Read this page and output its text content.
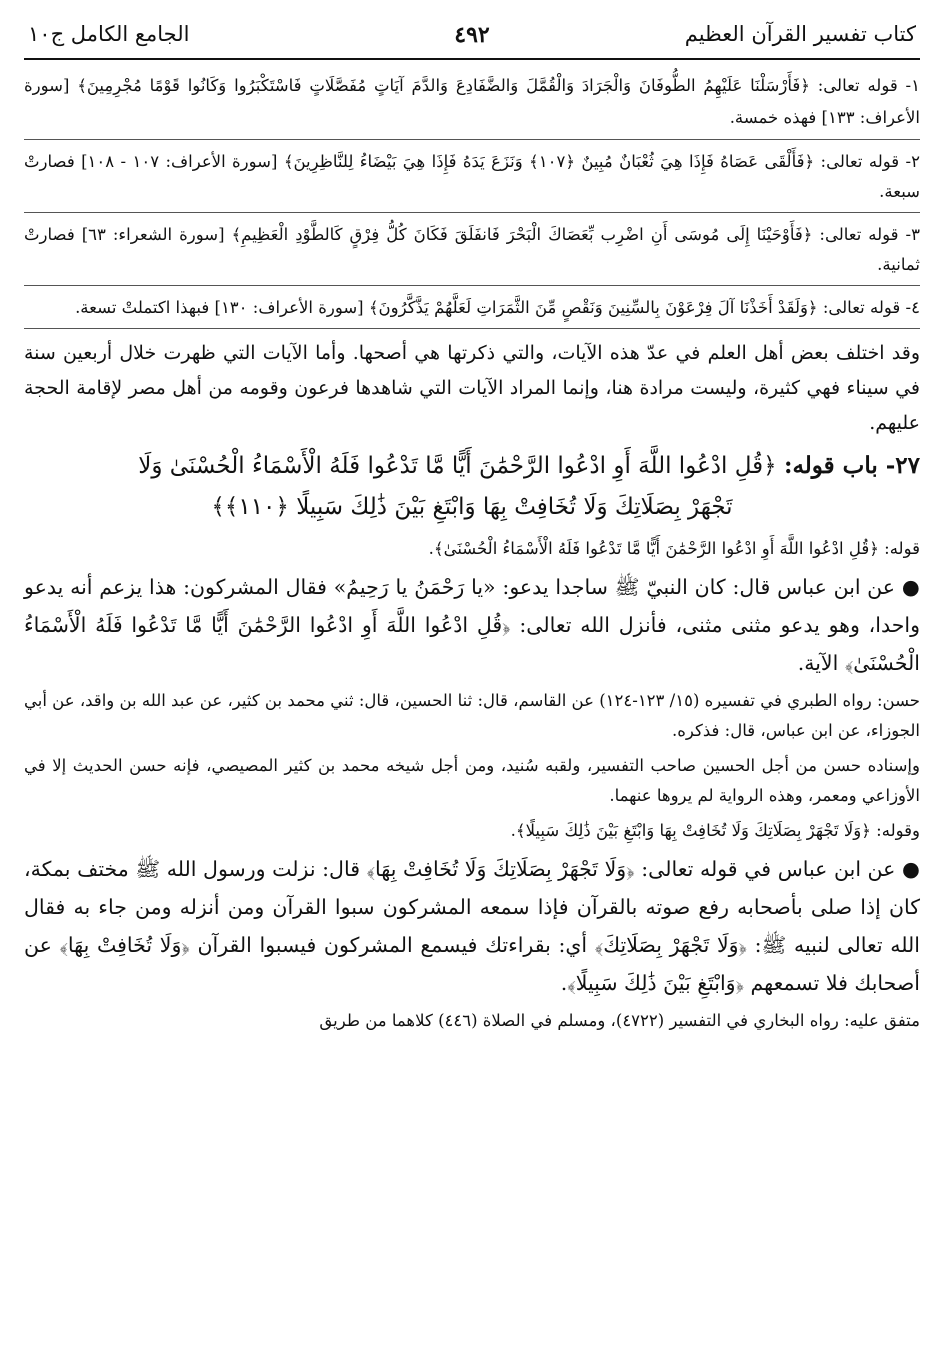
كتاب تفسير القرآن العظيم
٤٩٢
الجامع الكامل ج١٠

١- قوله تعالى: ﴿فَأَرْسَلْنَا عَلَيْهِمُ الطُّوفَانَ وَالْجَرَادَ وَالْقُمَّلَ وَالضَّفَادِعَ وَالدَّمَ آيَاتٍ مُفَصَّلَاتٍ فَاسْتَكْبَرُوا وَكَانُوا قَوْمًا مُجْرِمِينَ﴾ [سورة الأعراف: ١٣٣] فهذه خمسة.

٢- قوله تعالى: ﴿فَأَلْقَى عَصَاهُ فَإِذَا هِيَ ثُعْبَانٌ مُبِينٌ ﴿١٠٧﴾ وَنَزَعَ يَدَهُ فَإِذَا هِيَ بَيْضَاءُ لِلنَّاظِرِينَ﴾ [سورة الأعراف: ١٠٧ - ١٠٨] فصارتْ سبعة.

٣- قوله تعالى: ﴿فَأَوْحَيْنَا إِلَى مُوسَى أَنِ اضْرِب بِّعَصَاكَ الْبَحْرَ فَانفَلَقَ فَكَانَ كُلُّ فِرْقٍ كَالطَّوْدِ الْعَظِيمِ﴾ [سورة الشعراء: ٦٣] فصارتْ ثمانية.

٤- قوله تعالى: ﴿وَلَقَدْ أَخَذْنَا آلَ فِرْعَوْنَ بِالسِّنِينَ وَنَقْصٍ مِّنَ الثَّمَرَاتِ لَعَلَّهُمْ يَذَّكَّرُونَ﴾ [سورة الأعراف: ١٣٠] فبهذا اكتملتْ تسعة.

وقد اختلف بعض أهل العلم في عدّ هذه الآيات، والتي ذكرتها هي أصحها. وأما الآيات التي ظهرت خلال أربعين سنة في سيناء فهي كثيرة، وليست مرادة هنا، وإنما المراد الآيات التي شاهدها فرعون وقومه من أهل مصر لإقامة الحجة عليهم.

٢٧- باب قوله: ﴿قُلِ ادْعُوا اللَّهَ أَوِ ادْعُوا الرَّحْمَٰنَ أَيًّا مَّا تَدْعُوا فَلَهُ الْأَسْمَاءُ الْحُسْنَىٰ وَلَا
تَجْهَرْ بِصَلَاتِكَ وَلَا تُخَافِتْ بِهَا وَابْتَغِ بَيْنَ ذَٰلِكَ سَبِيلًا ﴿١١٠﴾﴾

قوله: ﴿قُلِ ادْعُوا اللَّهَ أَوِ ادْعُوا الرَّحْمَٰنَ أَيًّا مَّا تَدْعُوا فَلَهُ الْأَسْمَاءُ الْحُسْنَىٰ﴾.

● عن ابن عباس قال: كان النبيّ ﷺ ساجدا يدعو: «يا رَحْمَنُ يا رَحِيمُ» فقال المشركون: هذا يزعم أنه يدعو واحدا، وهو يدعو مثنى مثنى، فأنزل الله تعالى: ﴿قُلِ ادْعُوا اللَّهَ أَوِ ادْعُوا الرَّحْمَٰنَ أَيًّا مَّا تَدْعُوا فَلَهُ الْأَسْمَاءُ الْحُسْنَىٰ﴾ الآية.

حسن: رواه الطبري في تفسيره (١٥/ ١٢٣-١٢٤) عن القاسم، قال: ثنا الحسين، قال: ثني محمد بن كثير، عن عبد الله بن واقد، عن أبي الجوزاء، عن ابن عباس، قال: فذكره.

وإسناده حسن من أجل الحسين صاحب التفسير، ولقبه سُنيد، ومن أجل شيخه محمد بن كثير المصيصي، فإنه حسن الحديث إلا في الأوزاعي ومعمر، وهذه الرواية لم يروها عنهما.

وقوله: ﴿وَلَا تَجْهَرْ بِصَلَاتِكَ وَلَا تُخَافِتْ بِهَا وَابْتَغِ بَيْنَ ذَٰلِكَ سَبِيلًا﴾.

● عن ابن عباس في قوله تعالى: ﴿وَلَا تَجْهَرْ بِصَلَاتِكَ وَلَا تُخَافِتْ بِهَا﴾ قال: نزلت ورسول الله ﷺ مختف بمكة، كان إذا صلى بأصحابه رفع صوته بالقرآن فإذا سمعه المشركون سبوا القرآن ومن أنزله ومن جاء به فقال الله تعالى لنبيه ﷺ: ﴿وَلَا تَجْهَرْ بِصَلَاتِكَ﴾ أي: بقراءتك فيسمع المشركون فيسبوا القرآن ﴿وَلَا تُخَافِتْ بِهَا﴾ عن أصحابك فلا تسمعهم ﴿وَابْتَغِ بَيْنَ ذَٰلِكَ سَبِيلًا﴾.

متفق عليه: رواه البخاري في التفسير (٤٧٢٢)، ومسلم في الصلاة (٤٤٦) كلاهما من طريق
